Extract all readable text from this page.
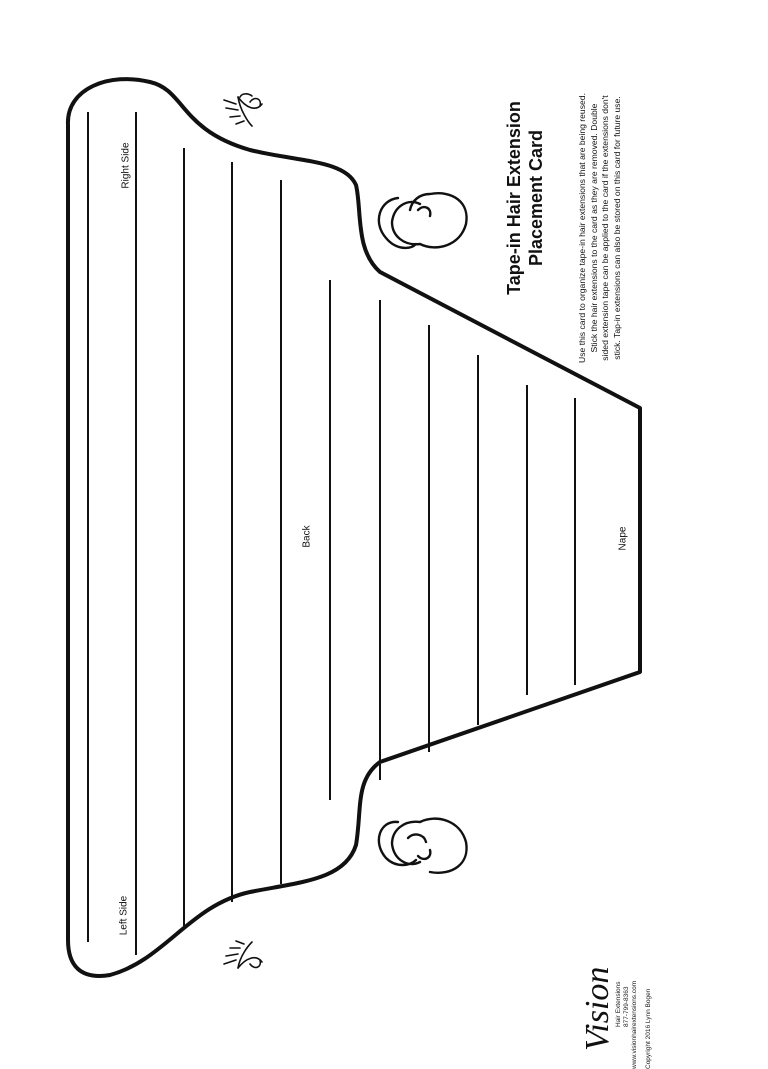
Right Side
Left Side
Back	Nape
Tape-in Hair Extension Placement Card	Use this card to organize tape-in hair extensions that are being reused. Stick the hair extensions to the card as they are removed. Double sided extension tape can be applied to the card if the extensions don't stick. Tap-in extensions can also be stored on this card for future use.
Vision Hair Extensions 877-799-8363 www.visionhairextensions.com	Copyright 2016 Lynn Bogen
